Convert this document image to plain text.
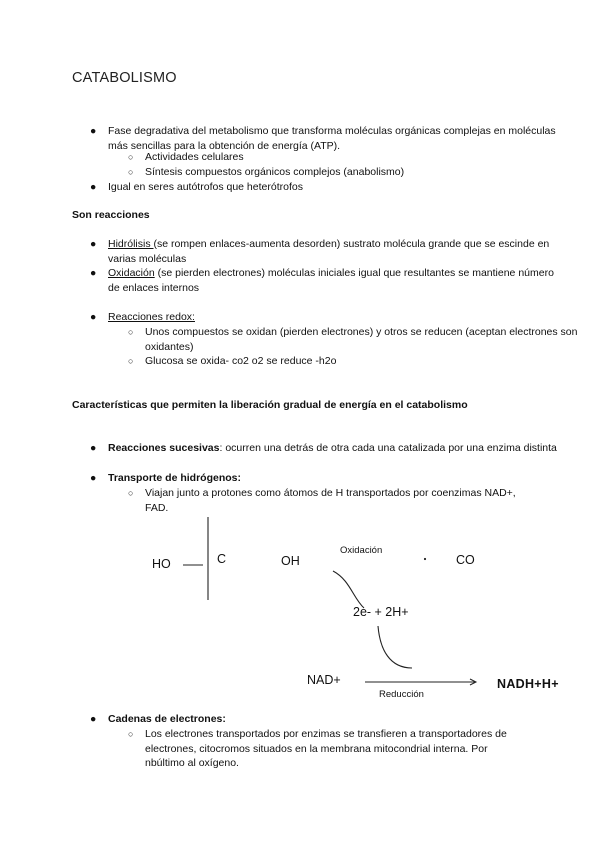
CATABOLISMO
● Fase degradativa del metabolismo que transforma moléculas orgánicas complejas en moléculas más sencillas para la obtención de energía (ATP).
○ Actividades celulares
○ Síntesis compuestos orgánicos complejos (anabolismo)
● Igual en seres autótrofos que heterótrofos
Son reacciones
● Hidrólisis (se rompen enlaces-aumenta desorden) sustrato molécula grande que se escinde en varias moléculas
● Oxidación (se pierden electrones) moléculas iniciales igual que resultantes se mantiene número de enlaces internos
● Reacciones redox:
○ Unos compuestos se oxidan (pierden electrones) y otros se reducen (aceptan electrones son oxidantes)
○ Glucosa se oxida- co2 o2 se reduce -h2o
Características que permiten la liberación gradual de energía en el catabolismo
● Reacciones sucesivas: ocurren una detrás de otra cada una catalizada por una enzima distinta
● Transporte de hidrógenos:
○ Viajan junto a protones como átomos de H transportados por coenzimas NAD+, FAD.
HO	C	OH
Oxidación
CO
2e- + 2H+
NAD+
Reducción
NADH+H+
● Cadenas de electrones:
○ Los electrones transportados por enzimas se transfieren a transportadores de electrones, citocromos situados en la membrana mitocondrial interna. Por nbúltimo al oxígeno.
